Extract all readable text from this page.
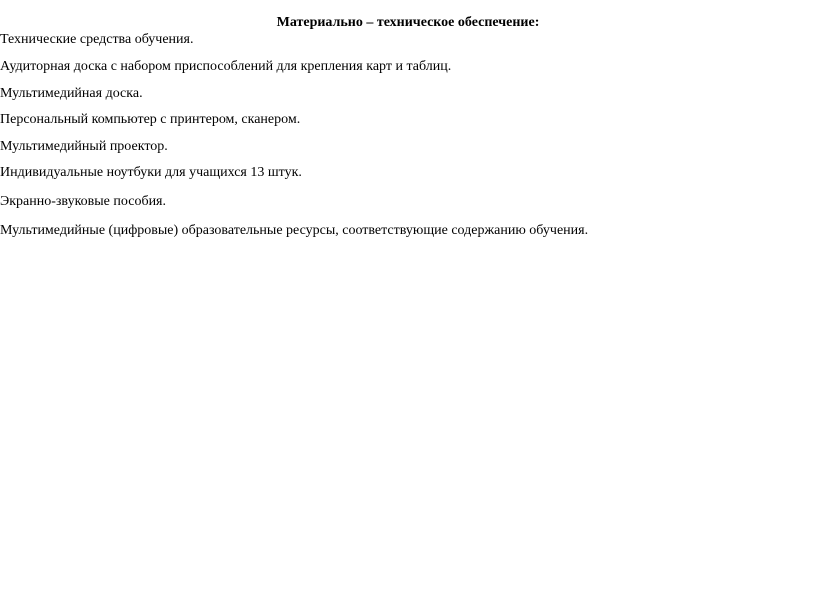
Материально – техническое обеспечение:
Технические средства обучения.
Аудиторная доска с набором приспособлений для крепления карт и таблиц.
Мультимедийная доска.
Персональный компьютер с принтером, сканером.
Мультимедийный проектор.
Индивидуальные ноутбуки для учащихся 13 штук.
Экранно-звуковые пособия.
Мультимедийные (цифровые) образовательные ресурсы, соответствующие содержанию обучения.
